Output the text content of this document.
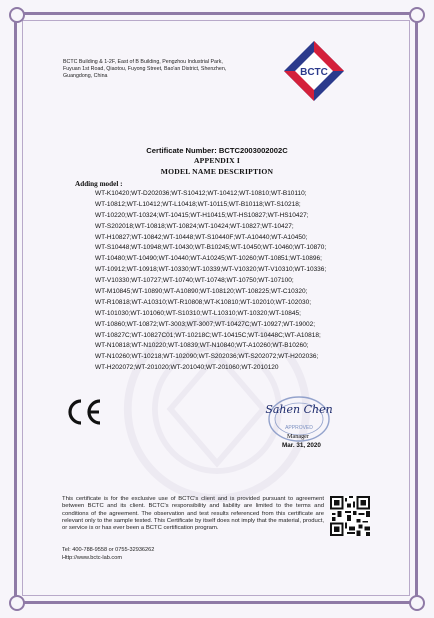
BCTC Building & 1-2F, East of B Building, Pengzhou Industrial Park,
Fuyuan 1st Road, Qiaotou, Fuyong Street, Bao'an District, Shenzhen,
Guangdong, China	BCTC
Certificate Number: BCTC2003002002C
APPENDIX I
MODEL NAME DESCRIPTION
Adding model :
WT-K10420;WT-D202036;WT-S10412;WT-10412;WT-10810;WT-B10110;
WT-10812;WT-L10412;WT-L10418;WT-10115;WT-B10118;WT-S10218;
WT-10220;WT-10324;WT-10415;WT-H10415;WT-HS10827;WT-HS10427;
WT-S202018;WT-10818;WT-10824;WT-10424;WT-10827;WT-10427;
WT-H10827;WT-10842;WT-10448;WT-S10440F;WT-A10440;WT-A10450;
WT-S10448;WT-10948;WT-10430;WT-B10245;WT-10450;WT-10460;WT-10870;
WT-10480;WT-10490;WT-10440;WT-A10245;WT-10260;WT-10851;WT-10896;
WT-10912;WT-10918;WT-10330;WT-10339;WT-V10320;WT-V10310;WT-10336;
WT-V10330;WT-10727;WT-10740;WT-10748;WT-10750;WT-107100;
WT-M10845;WT-10890;WT-A10890;WT-108120;WT-108225;WT-C10320;
WT-R10818;WT-A10310;WT-R10808;WT-K10810;WT-102010;WT-102030;
WT-101030;WT-101060;WT-S10310;WT-L10310;WT-10320;WT-10845;
WT-10860;WT-10872;WT-3003;WT-3007;WT-10427C;WT-10927;WT-19002;
WT-10827C;WT-10827C01;WT-10218C;WT-10415C;WT-10448C;WT-A10818;
WT-N10818;WT-N10220;WT-10839;WT-N10840;WT-A10260;WT-B10260;
WT-N10260;WT-10218;WT-102090;WT-S202036;WT-S202072;WT-H202036;
WT-H202072;WT-201020;WT-201040;WT-201060;WT-2010120
APPROVED
Sahen Chen
Manager
Mar. 31, 2020
This certificate is for the exclusive use of BCTC's client and is provided pursuant to agreement between BCTC and its client. BCTC's responsibility and liability are limited to the terms and conditions of the agreement. The observation and test results referenced from this certificate are relevant only to the sample tested. This Certificate by itself does not imply that the material, product, or service is or has ever been a BCTC certification program.
Tel: 400-788-9558 or 0755-32936262
Http://www.bctc-lab.com
